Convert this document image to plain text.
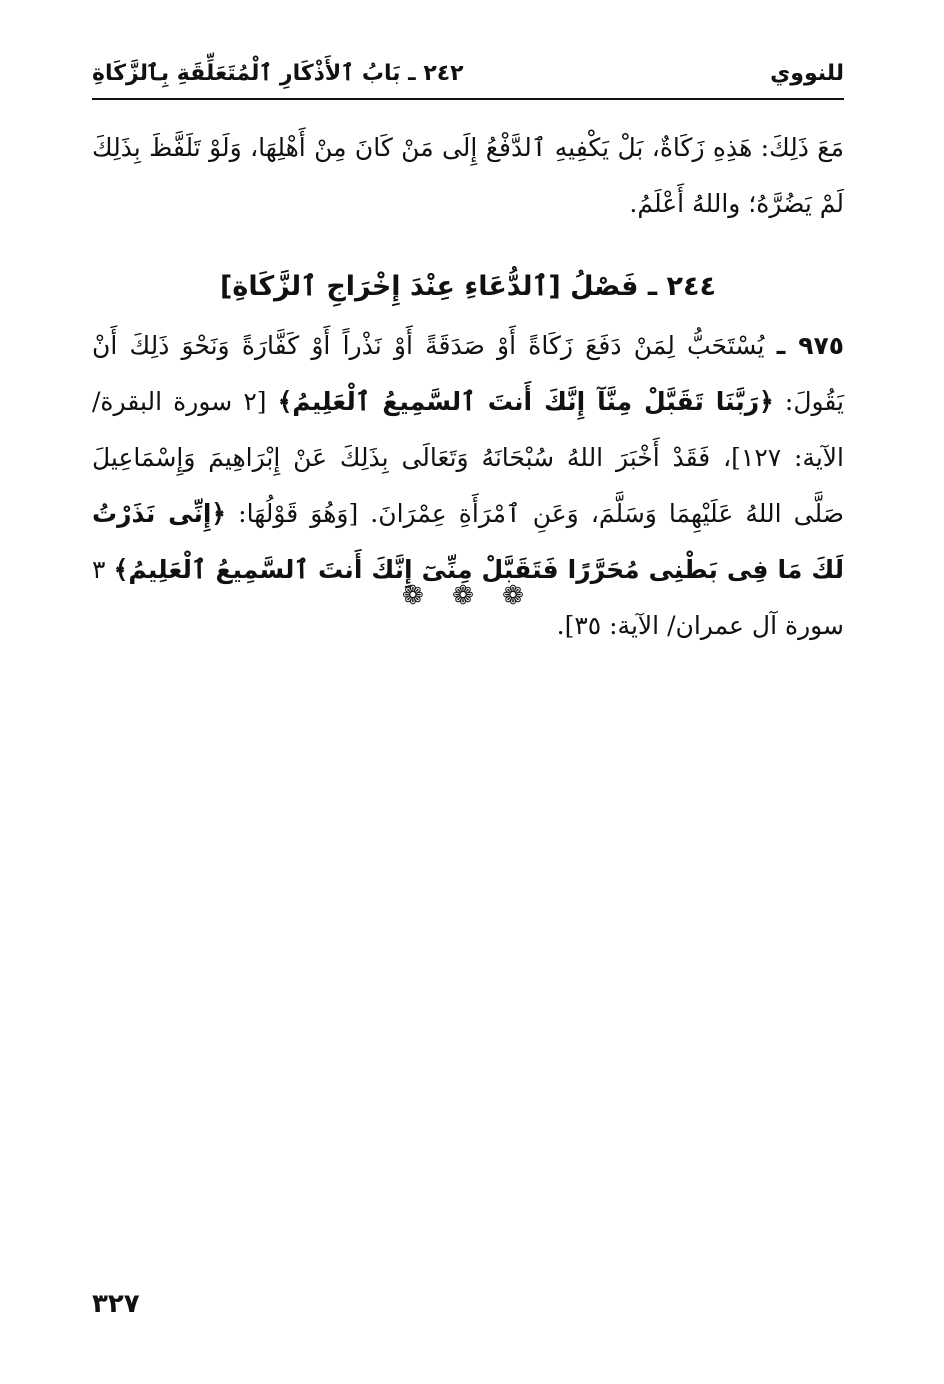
للنووي
٢٤٢ ـ بَابُ ٱلأَذْكَارِ ٱلْمُتَعَلِّقَةِ بِٱلزَّكَاةِ

مَعَ ذَلِكَ: هَذِهِ زَكَاةٌ، بَلْ يَكْفِيهِ ٱلدَّفْعُ إِلَى مَنْ كَانَ مِنْ أَهْلِهَا، وَلَوْ تَلَفَّظَ بِذَلِكَ لَمْ يَضُرَّهُ؛ واللهُ أَعْلَمُ.

٢٤٤ ـ فَصْلُ [ٱلدُّعَاءِ عِنْدَ إِخْرَاجِ ٱلزَّكَاةِ]

٩٧٥ ـ يُسْتَحَبُّ لِمَنْ دَفَعَ زَكَاةً أَوْ صَدَقَةً أَوْ نَذْراً أَوْ كَفَّارَةً وَنَحْوَ ذَلِكَ أَنْ يَقُولَ: ﴿رَبَّنَا تَقَبَّلْ مِنَّآ إِنَّكَ أَنتَ ٱلسَّمِيعُ ٱلْعَلِيمُ﴾ [٢ سورة البقرة/ الآية: ١٢٧]، فَقَدْ أَخْبَرَ اللهُ سُبْحَانَهُ وَتَعَالَى بِذَلِكَ عَنْ إِبْرَاهِيمَ وَإِسْمَاعِيلَ صَلَّى اللهُ عَلَيْهِمَا وَسَلَّمَ، وَعَنِ ٱمْرَأَةِ عِمْرَانَ. [وَهُوَ قَوْلُهَا: ﴿إِنِّى نَذَرْتُ لَكَ مَا فِى بَطْنِى مُحَرَّرًا فَتَقَبَّلْ مِنِّىٓ إِنَّكَ أَنتَ ٱلسَّمِيعُ ٱلْعَلِيمُ﴾ ٣ سورة آل عمران/ الآية: ٣٥].

❁ ❁ ❁
٣٢٧
